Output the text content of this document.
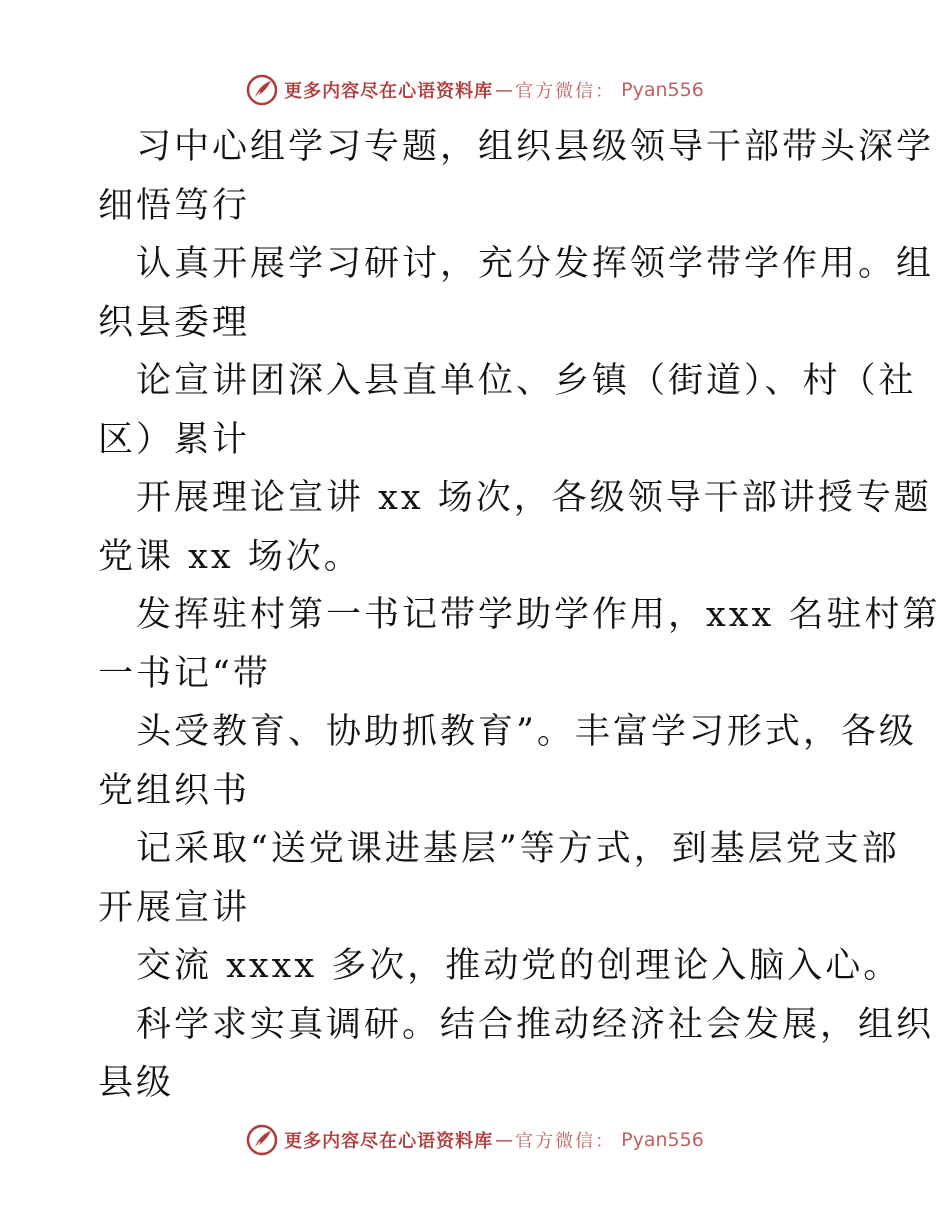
更多内容尽在心语资料库 — 官方微信： Pyan556
习中心组学习专题，组织县级领导干部带头深学
细悟笃行
认真开展学习研讨，充分发挥领学带学作用。组
织县委理
论宣讲团深入县直单位、乡镇（街道）、村（社
区）累计
开展理论宣讲 xx 场次，各级领导干部讲授专题
党课 xx 场次。
发挥驻村第一书记带学助学作用，xxx 名驻村第
一书记“带
头受教育、协助抓教育”。丰富学习形式，各级
党组织书
记采取“送党课进基层”等方式，到基层党支部
开展宣讲
交流 xxxx 多次，推动党的创理论入脑入心。
科学求实真调研。结合推动经济社会发展，组织
县级
更多内容尽在心语资料库 — 官方微信： Pyan556
